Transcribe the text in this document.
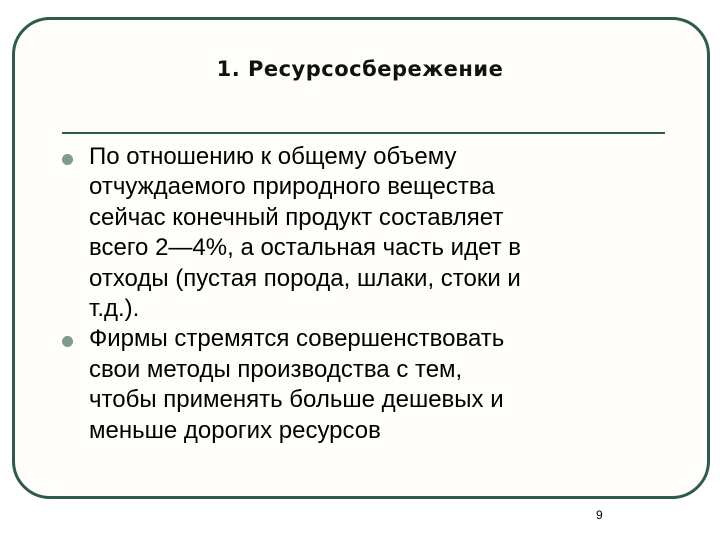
1. Ресурсосбережение
По отношению к общему объему
отчуждаемого природного вещества
сейчас конечный продукт составляет
всего 2—4%, а остальная часть идет в
отходы (пустая порода, шлаки, стоки и
т.д.).
Фирмы стремятся совершенствовать
свои методы производства с тем,
чтобы применять больше дешевых и
меньше дорогих ресурсов
9
